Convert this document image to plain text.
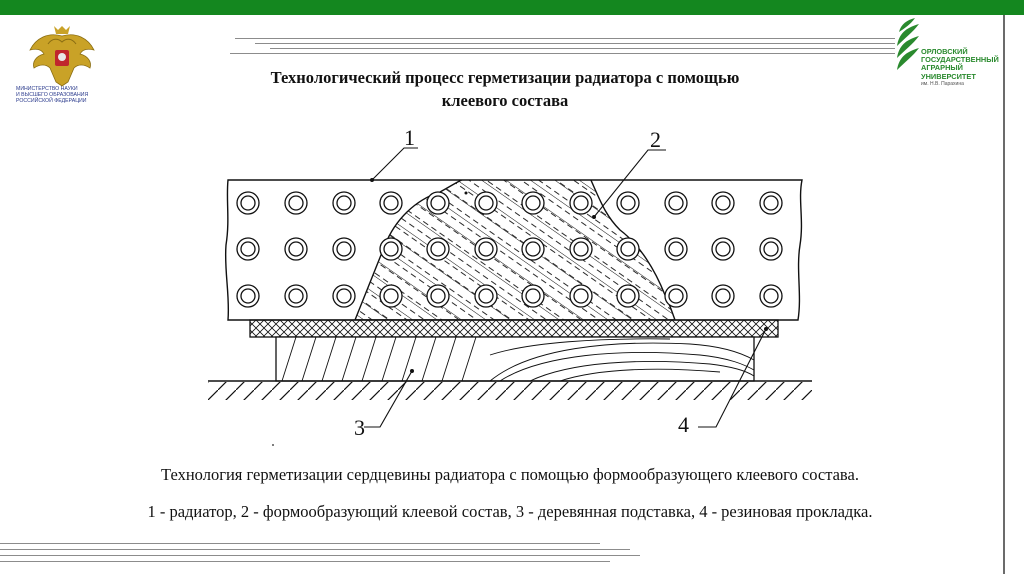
МИНИСТЕРСТВО НАУКИ
И ВЫСШЕГО ОБРАЗОВАНИЯ
РОССИЙСКОЙ ФЕДЕРАЦИИ
ОРЛОВСКИЙ
ГОСУДАРСТВЕННЫЙ
АГРАРНЫЙ
УНИВЕРСИТЕТ
им. Н.В. Парахина
Технологический процесс герметизации радиатора с помощью
клеевого состава
1	2
3	4
Технология герметизации сердцевины радиатора с помощью формообразующего клеевого состава.
1 - радиатор, 2 - формообразующий клеевой состав, 3 - деревянная подставка, 4 - резиновая прокладка.
